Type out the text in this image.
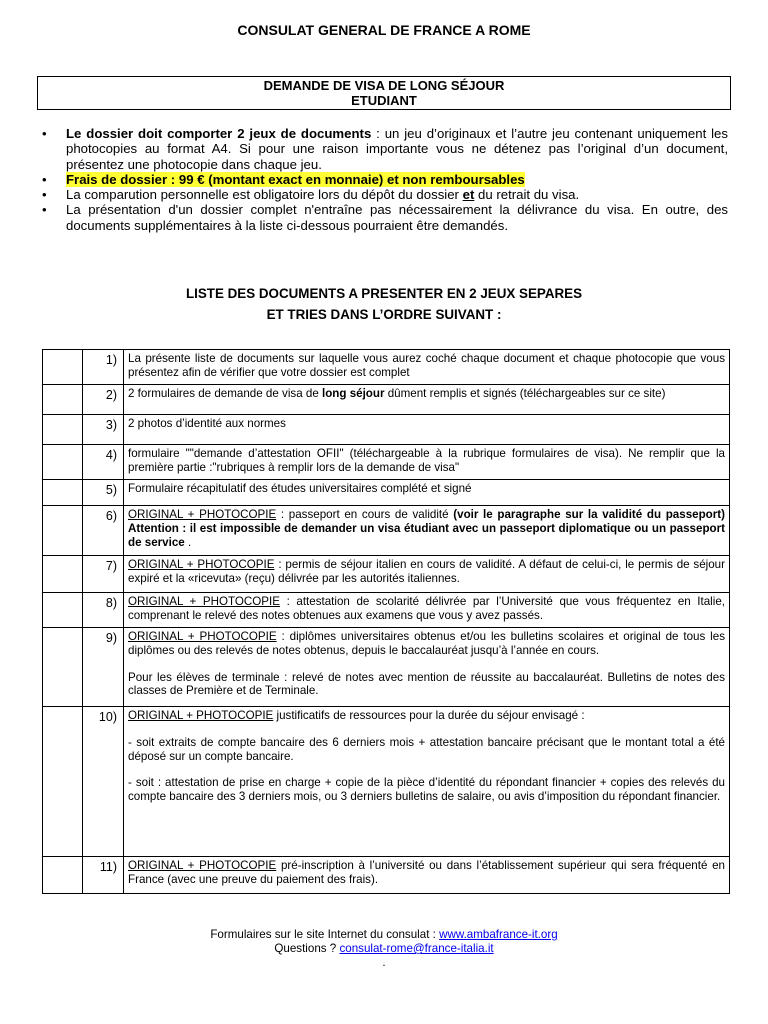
CONSULAT GENERAL DE FRANCE A ROME
DEMANDE DE VISA DE LONG SÉJOUR
ETUDIANT
• Le dossier doit comporter 2 jeux de documents : un jeu d’originaux et l’autre jeu contenant uniquement les photocopies au format A4. Si pour une raison importante vous ne détenez pas l’original d’un document, présentez une photocopie dans chaque jeu.
• Frais de dossier : 99 € (montant exact en monnaie) et non remboursables
• La comparution personnelle est obligatoire lors du dépôt du dossier et du retrait du visa.
• La présentation d'un dossier complet n'entraîne pas nécessairement la délivrance du visa. En outre, des documents supplémentaires à la liste ci-dessous pourraient être demandés.
LISTE DES DOCUMENTS A PRESENTER EN 2 JEUX SEPARES
ET TRIES DANS L’ORDRE SUIVANT :

	1)	La présente liste de documents sur laquelle vous aurez coché chaque document et chaque photocopie que vous présentez afin de vérifier que votre dossier est complet

	2)	2 formulaires de demande de visa de long séjour dûment remplis et signés (téléchargeables sur ce site)

	3)	2 photos d’identité aux normes

	4)	formulaire ""demande d’attestation OFII" (téléchargeable à la rubrique formulaires de visa). Ne remplir que la première partie :"rubriques à remplir lors de la demande de visa"

	5)	Formulaire récapitulatif des études universitaires complété et signé

	6)	ORIGINAL + PHOTOCOPIE : passeport en cours de validité (voir le paragraphe sur la validité du passeport) Attention : il est impossible de demander un visa étudiant avec un passeport diplomatique ou un passeport de service .

	7)	ORIGINAL + PHOTOCOPIE : permis de séjour italien en cours de validité. A défaut de celui-ci, le permis de séjour expiré et la «ricevuta» (reçu) délivrée par les autorités italiennes.

	8)	ORIGINAL + PHOTOCOPIE : attestation de scolarité délivrée par l’Université que vous fréquentez en Italie, comprenant le relevé des notes obtenues aux examens que vous y avez passés.

	9)	ORIGINAL + PHOTOCOPIE : diplômes universitaires obtenus et/ou les bulletins scolaires et original de tous les diplômes ou des relevés de notes obtenus, depuis le baccalauréat jusqu’à l’année en cours.

Pour les élèves de terminale : relevé de notes avec mention de réussite au baccalauréat. Bulletins de notes des classes de Première et de Terminale.

	10)	ORIGINAL + PHOTOCOPIE justificatifs de ressources pour la durée du séjour envisagé :

- soit extraits de compte bancaire des 6 derniers mois + attestation bancaire précisant que le montant total a été déposé sur un compte bancaire.

- soit : attestation de prise en charge + copie de la pièce d’identité du répondant financier + copies des relevés du compte bancaire des 3 derniers mois, ou 3 derniers bulletins de salaire, ou avis d’imposition du répondant financier.

	11)	ORIGINAL + PHOTOCOPIE pré-inscription à l’université ou dans l’établissement supérieur qui sera fréquenté en France (avec une preuve du paiement des frais).
Formulaires sur le site Internet du consulat : www.ambafrance-it.org
Questions ? consulat-rome@france-italia.it
.
